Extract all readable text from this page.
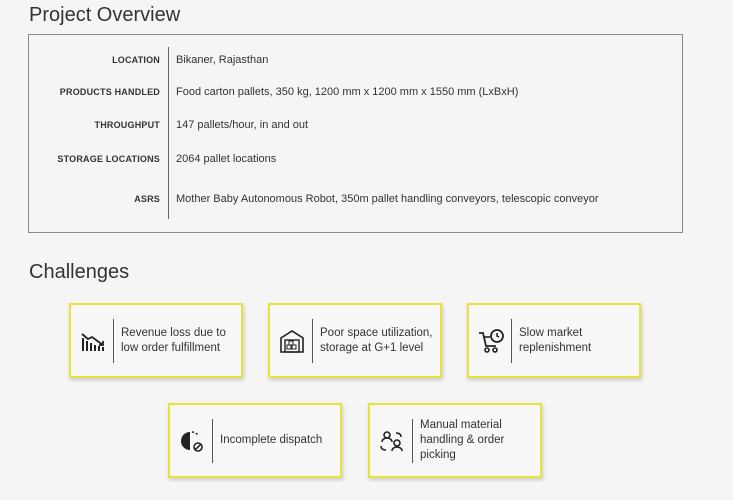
Project Overview
LOCATION Bikaner, Rajasthan
PRODUCTS HANDLED Food carton pallets, 350 kg, 1200 mm x 1200 mm x 1550 mm (LxBxH)
THROUGHPUT 147 pallets/hour, in and out
STORAGE LOCATIONS 2064 pallet locations
ASRS Mother Baby Autonomous Robot, 350m pallet handling conveyors, telescopic conveyor
Challenges
Revenue loss due to low order fulfillment
Poor space utilization, storage at G+1 level
Slow market replenishment
Incomplete dispatch
Manual material handling & order picking
